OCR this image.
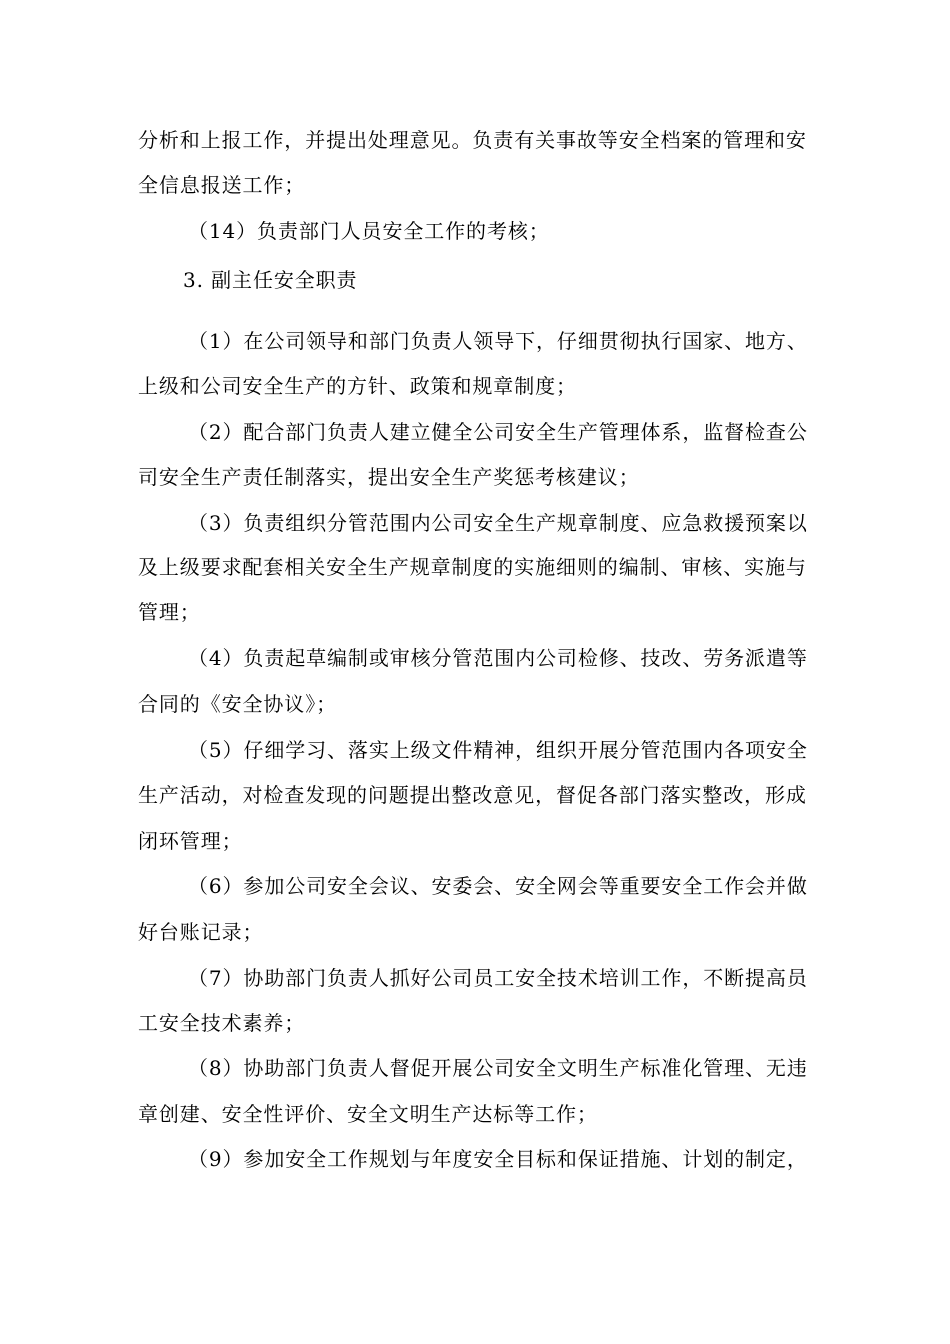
分析和上报工作，并提出处理意见。负责有关事故等安全档案的管理和安
全信息报送工作；
（14）负责部门人员安全工作的考核；
3. 副主任安全职责
（1）在公司领导和部门负责人领导下，仔细贯彻执行国家、地方、
上级和公司安全生产的方针、政策和规章制度；
（2）配合部门负责人建立健全公司安全生产管理体系，监督检查公
司安全生产责任制落实，提出安全生产奖惩考核建议；
（3）负责组织分管范围内公司安全生产规章制度、应急救援预案以
及上级要求配套相关安全生产规章制度的实施细则的编制、审核、实施与
管理；
（4）负责起草编制或审核分管范围内公司检修、技改、劳务派遣等
合同的《安全协议》；
（5）仔细学习、落实上级文件精神，组织开展分管范围内各项安全
生产活动，对检查发现的问题提出整改意见，督促各部门落实整改，形成
闭环管理；
（6）参加公司安全会议、安委会、安全网会等重要安全工作会并做
好台账记录；
（7）协助部门负责人抓好公司员工安全技术培训工作，不断提高员
工安全技术素养；
（8）协助部门负责人督促开展公司安全文明生产标准化管理、无违
章创建、安全性评价、安全文明生产达标等工作；
（9）参加安全工作规划与年度安全目标和保证措施、计划的制定，
